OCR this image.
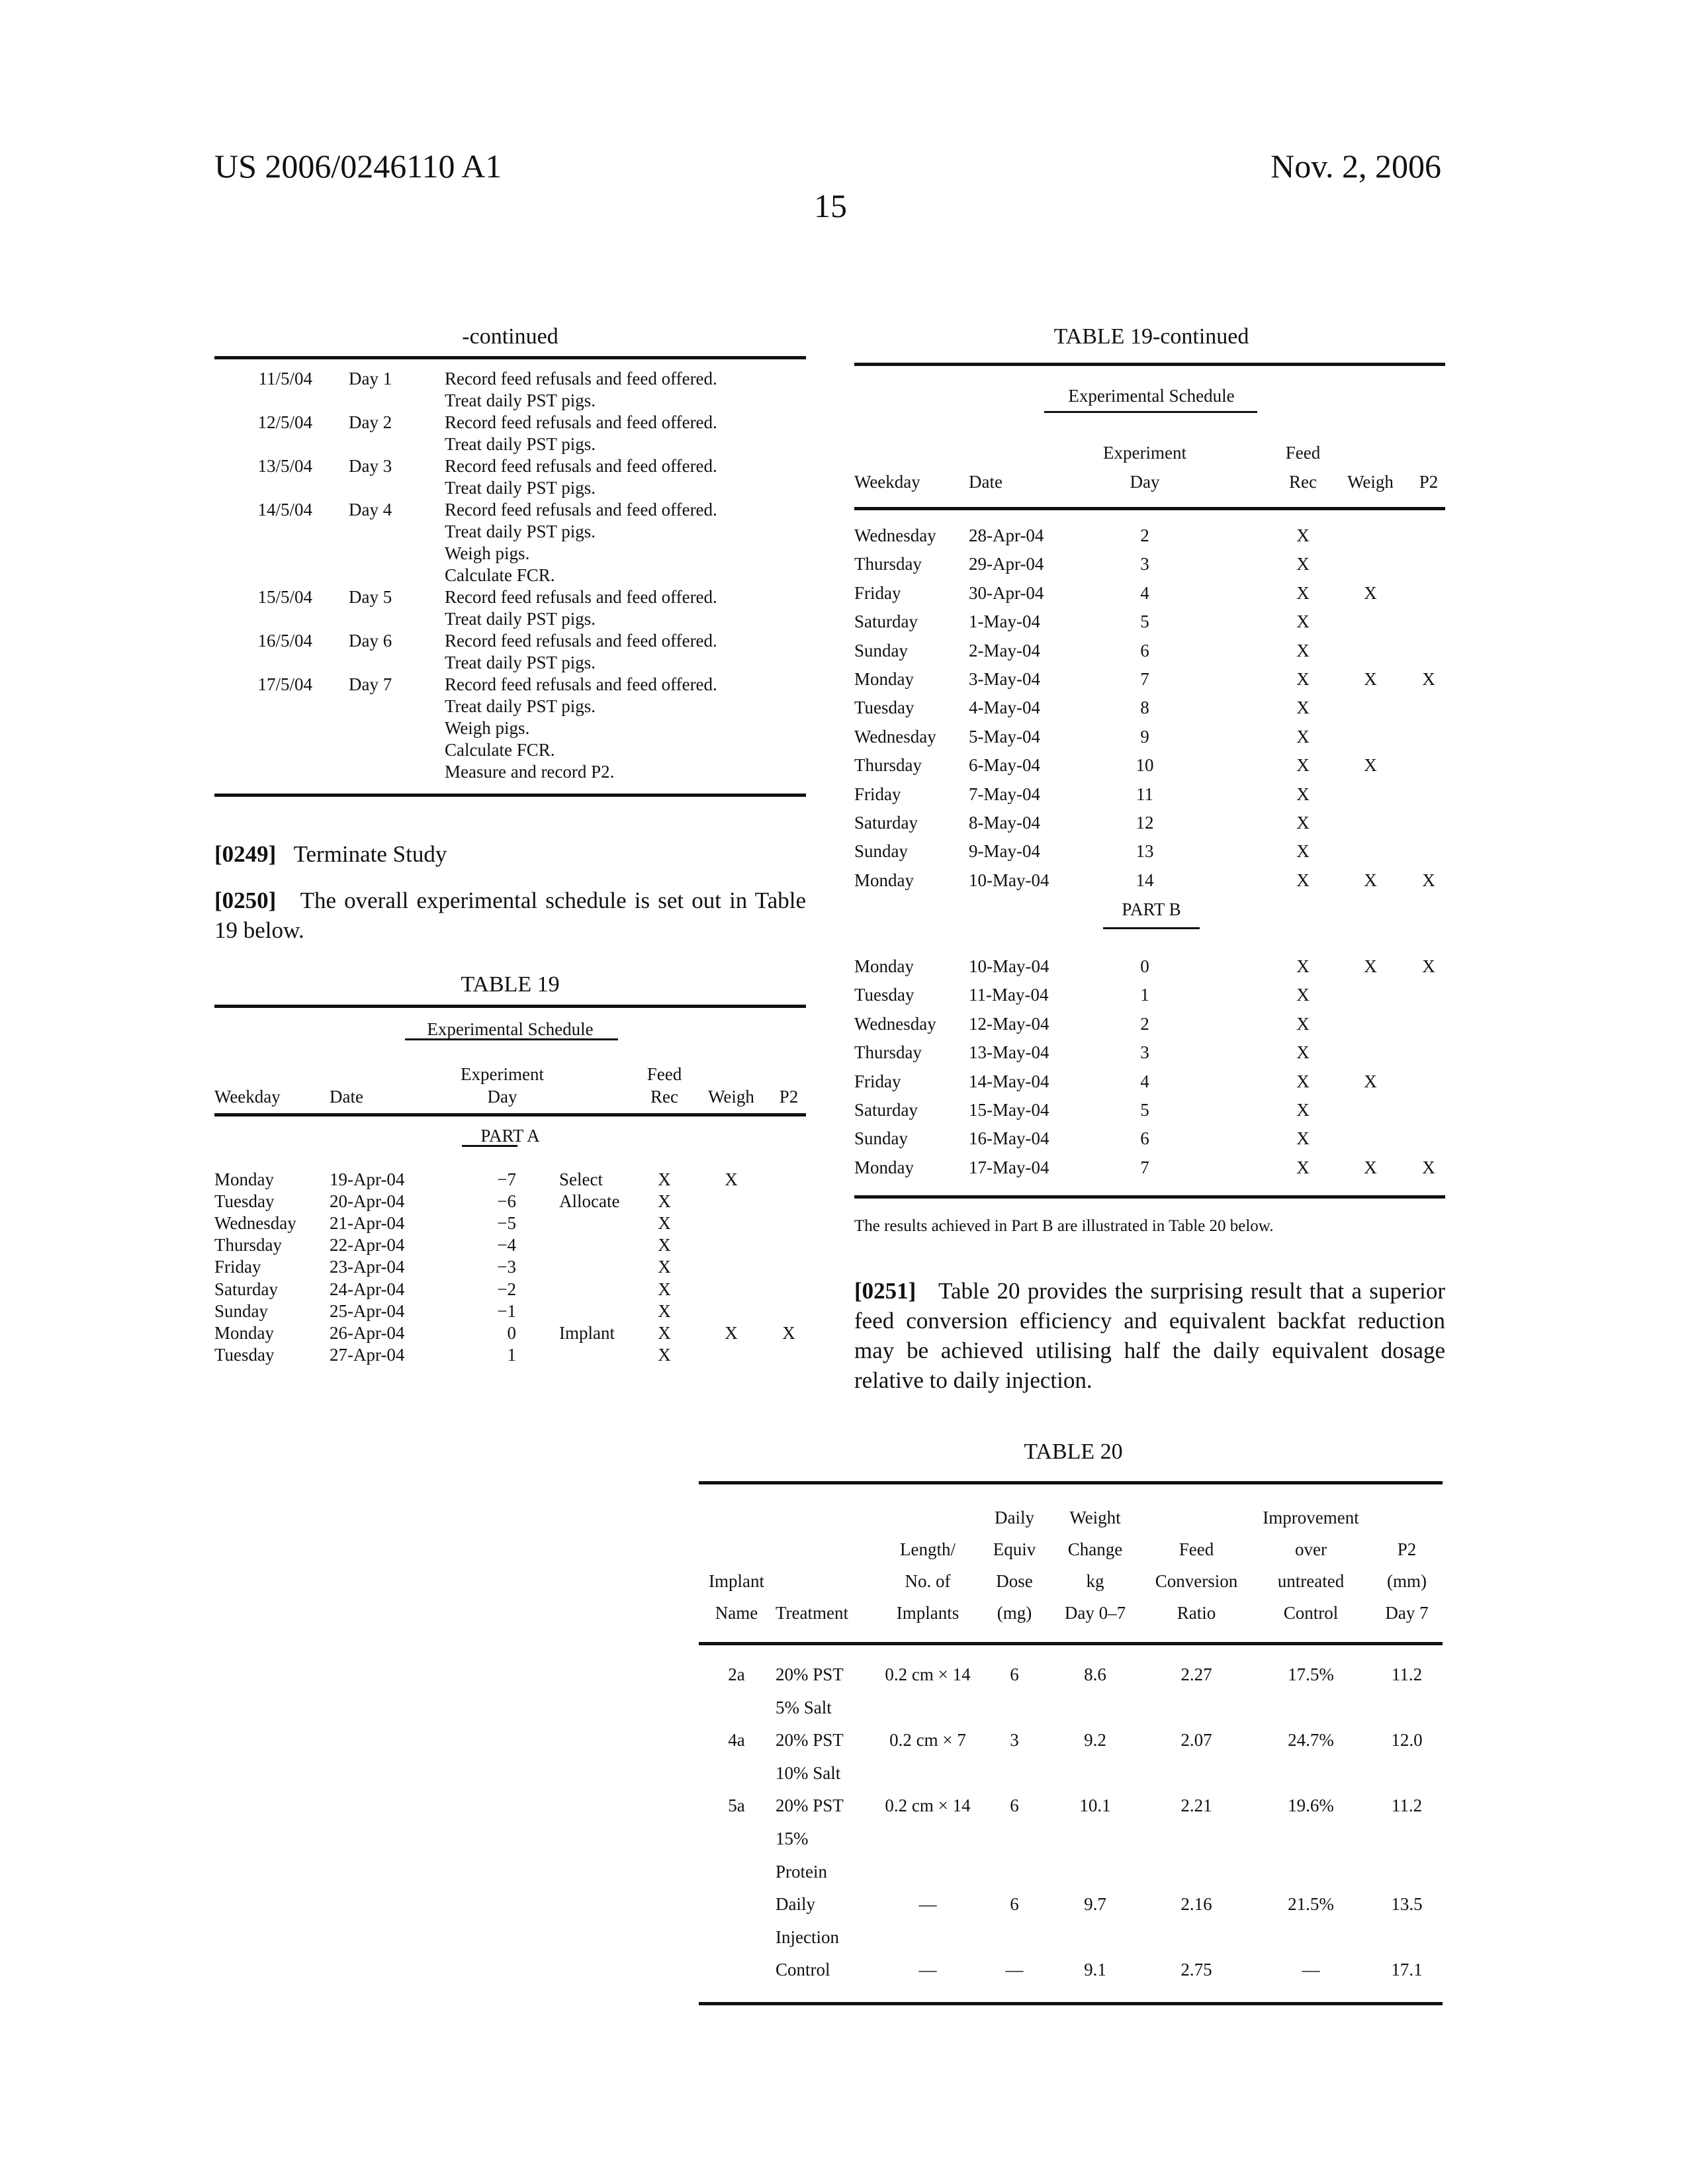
US 2006/0246110 A1	Nov. 2, 2006
15
-continued
11/5/04 Day 1	Record feed refusals and feed offered.
Treat daily PST pigs.
12/5/04 Day 2	Record feed refusals and feed offered.
Treat daily PST pigs.
13/5/04 Day 3	Record feed refusals and feed offered.
Treat daily PST pigs.
14/5/04 Day 4	Record feed refusals and feed offered.
Treat daily PST pigs.
Weigh pigs.
Calculate FCR.
15/5/04 Day 5	Record feed refusals and feed offered.
Treat daily PST pigs.
16/5/04 Day 6	Record feed refusals and feed offered.
Treat daily PST pigs.
17/5/04 Day 7	Record feed refusals and feed offered.
Treat daily PST pigs.
Weigh pigs.
Calculate FCR.
Measure and record P2.
[0249] Terminate Study
[0250] The overall experimental schedule is set out in Table 19 below.
TABLE 19
Experimental Schedule
Weekday	Date
Experiment
Day
Feed
Rec Weigh P2
PART A
Monday	19-Apr-04	−7 Select	X	X
Tuesday	20-Apr-04	−6 Allocate X
Wednesday 21-Apr-04	−5	X
Thursday	22-Apr-04	−4	X
Friday	23-Apr-04	−3	X
Saturday	24-Apr-04	−2	X
Sunday	25-Apr-04	−1	X
Monday	26-Apr-04	0 Implant X	X	X
Tuesday	27-Apr-04	1	X
TABLE 19-continued
Experimental Schedule
Weekday	Date
Experiment
Day
Feed
Rec Weigh P2
Wednesday 28-Apr-04	2	X
Thursday	29-Apr-04	3	X
Friday	30-Apr-04	4	X	X
Saturday	1-May-04	5	X
Sunday	2-May-04	6	X
Monday	3-May-04	7	X	X	X
Tuesday	4-May-04	8	X
Wednesday 5-May-04	9	X
Thursday	6-May-04	10	X	X
Friday	7-May-04	11	X
Saturday	8-May-04	12	X
Sunday	9-May-04	13	X
Monday	10-May-04	14	X	X	X
Monday	10-May-04	0	X	X	X
Tuesday	11-May-04	1	X
Wednesday 12-May-04	2	X
Thursday	13-May-04	3	X
Friday	14-May-04	4	X	X
Saturday	15-May-04	5	X
Sunday	16-May-04	6	X
Monday	17-May-04	7	X	X	X
PART B
The results achieved in Part B are illustrated in Table 20 below.
[0251] Table 20 provides the surprising result that a superior feed conversion efficiency and equivalent backfat reduction may be achieved utilising half the daily equivalent dosage relative to daily injection.
TABLE 20
Implant
Name Treatment
Length/
No. of
Implants
Daily
Equiv
Dose
(mg)
Weight
Change
kg
Day 0–7
Feed
Conversion
Ratio
Improvement
over
untreated
Control
P2
(mm)
Day 7
2a 20% PST
5% Salt
0.2 cm × 14 6	8.6	2.27	17.5%	11.2
4a 20% PST
10% Salt
0.2 cm × 7 3	9.2	2.07	24.7%	12.0
5a 20% PST
15%
Protein
0.2 cm × 14 6	10.1	2.21	19.6%	11.2
Daily
Injection
—	6	9.7	2.16	21.5%	13.5
Control	—	—	9.1	2.75	—	17.1
